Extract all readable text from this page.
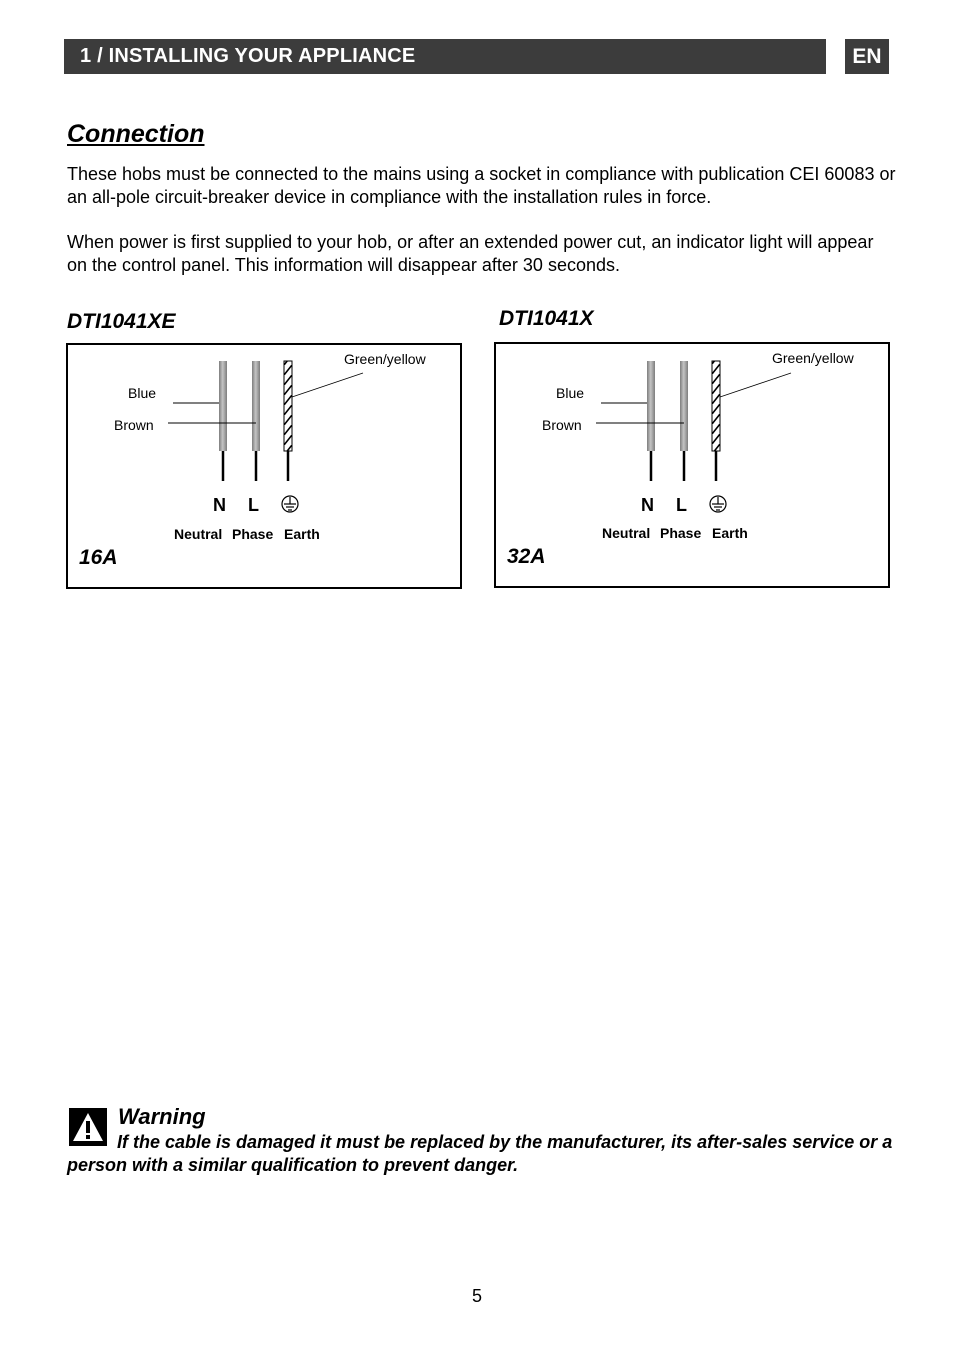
1 / INSTALLING YOUR APPLIANCE	EN
Connection

These hobs must be connected to the mains using a socket in compliance with publication CEI 60083 or an all-pole circuit-breaker device in compliance with the installation rules in force.

When power is first supplied to your hob, or after an extended power cut, an indicator light will appear on the control panel. This information will disappear after 30 seconds.

DTI1041XE
Green/yellow
Blue
Brown
N L
Neutral Phase Earth
16A
DTI1041X
Green/yellow
Blue
Brown
N L
Neutral Phase Earth
32A
Warning

If the cable is damaged it must be replaced by the manufacturer, its after-sales service or a person with a similar qualification to prevent danger.

5
